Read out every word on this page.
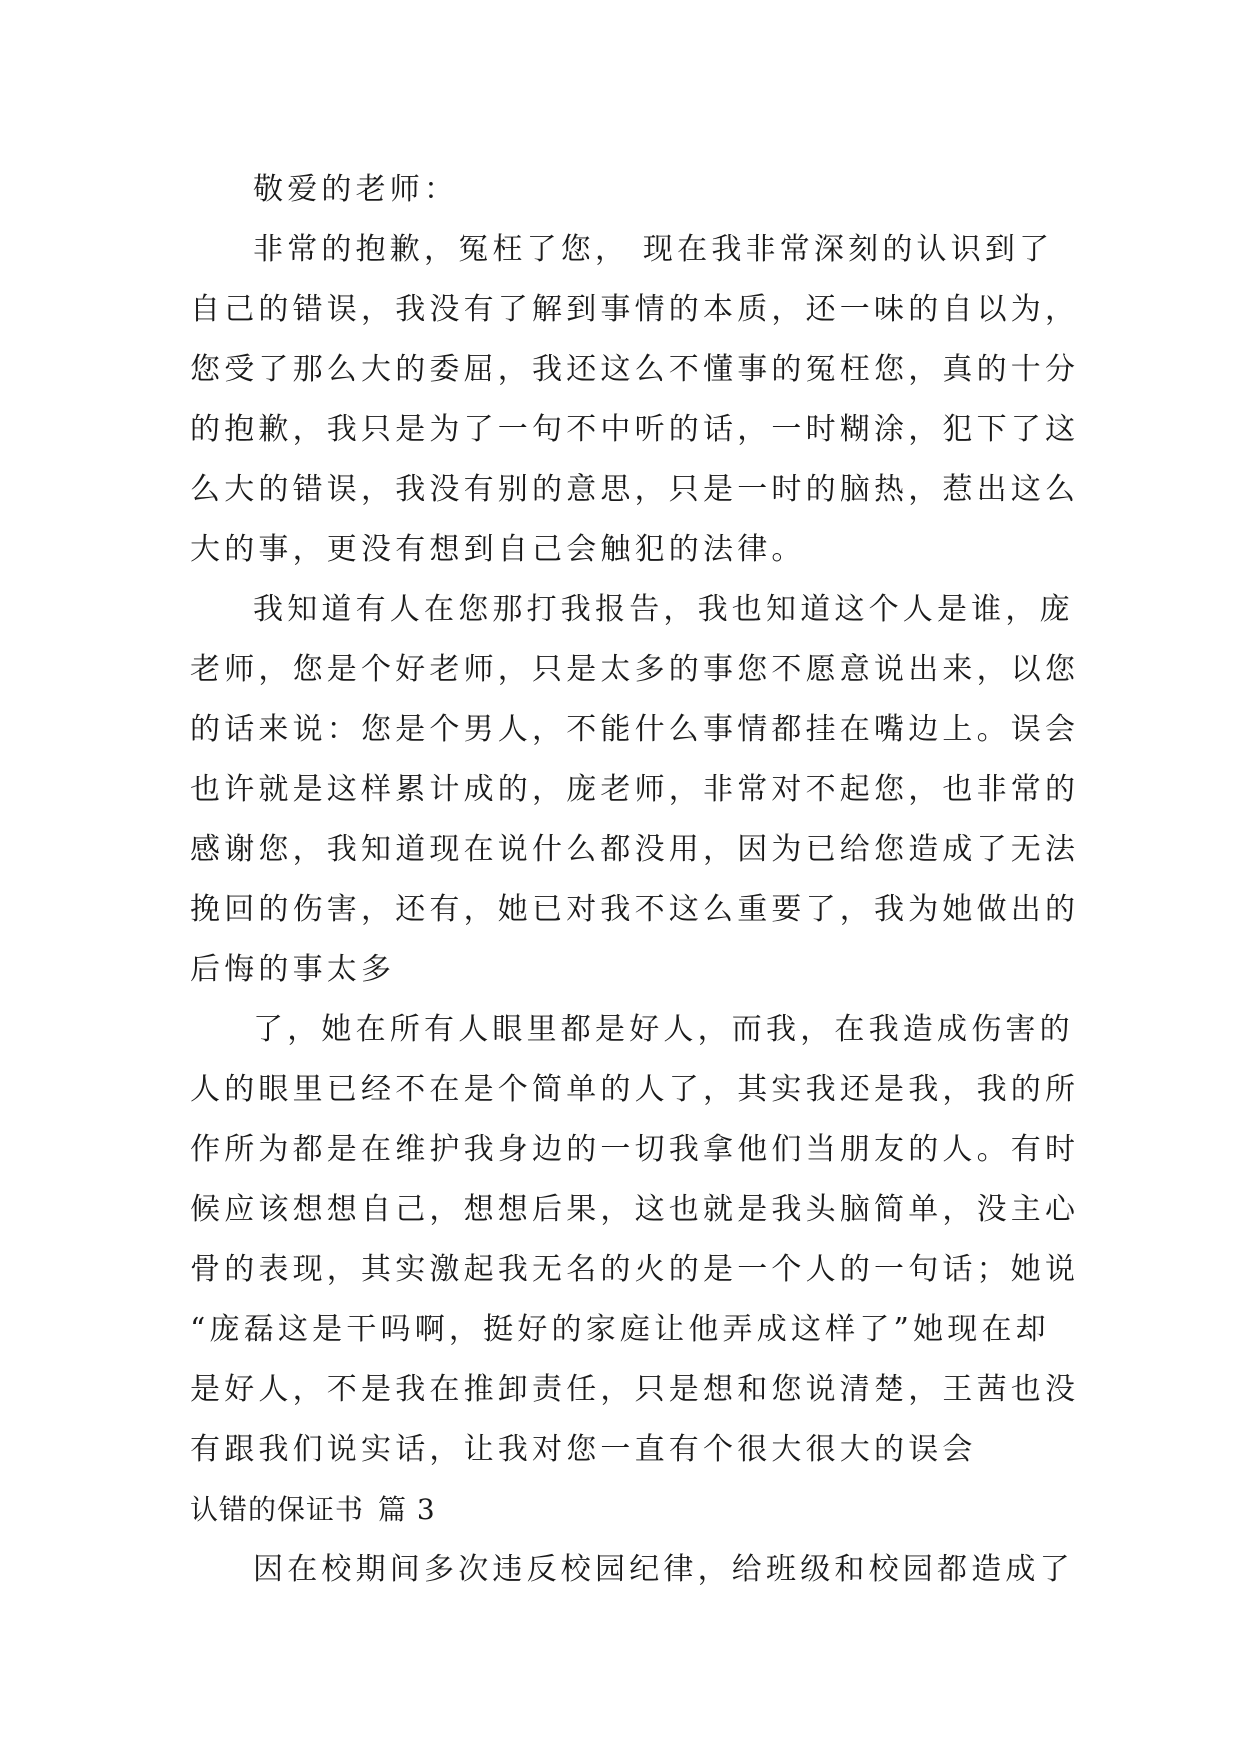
敬爱的老师：
非常的抱歉，冤枉了您， 现在我非常深刻的认识到了
自己的错误，我没有了解到事情的本质，还一味的自以为，
您受了那么大的委屈，我还这么不懂事的冤枉您，真的十分
的抱歉，我只是为了一句不中听的话，一时糊涂，犯下了这
么大的错误，我没有别的意思，只是一时的脑热，惹出这么
大的事，更没有想到自己会触犯的法律。
我知道有人在您那打我报告，我也知道这个人是谁，庞
老师，您是个好老师，只是太多的事您不愿意说出来，以您
的话来说：您是个男人，不能什么事情都挂在嘴边上。误会
也许就是这样累计成的，庞老师，非常对不起您，也非常的
感谢您，我知道现在说什么都没用，因为已给您造成了无法
挽回的伤害，还有，她已对我不这么重要了，我为她做出的
后悔的事太多
了，她在所有人眼里都是好人，而我，在我造成伤害的
人的眼里已经不在是个简单的人了，其实我还是我，我的所
作所为都是在维护我身边的一切我拿他们当朋友的人。有时
候应该想想自己，想想后果，这也就是我头脑简单，没主心
骨的表现，其实激起我无名的火的是一个人的一句话；她说
“庞磊这是干吗啊，挺好的家庭让他弄成这样了”她现在却
是好人，不是我在推卸责任，只是想和您说清楚，王茜也没
有跟我们说实话，让我对您一直有个很大很大的误会
认错的保证书 篇 3
因在校期间多次违反校园纪律，给班级和校园都造成了
